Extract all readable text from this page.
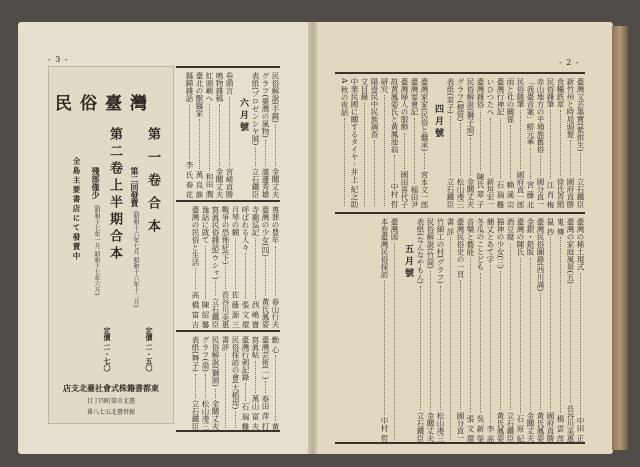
- 3 -
民俗臺灣
第一卷合本
第二回發賣
(昭和十六年七月 昭和十六年十二月)
第二卷上半期合本
殘部僅少
(昭和十七年一月 昭和十七年六月)
全島主要書店にて發賣中
定價 二・五〇
定價 二・七〇
東都書籍株式會社臺北支店
臺北市榮町四丁目
振替臺北五七八番
民俗解說(手鏡)
金關丈夫
グラフ(臺灣の風物)
濱邊秀雄
表紙(プロゼンシヤ賊)
立石鐵臣
六月號
卷頭言
宮崎直勝
鳴物雜稿
金關丈夫
紅頭嶼へ
和田 潤
臺北の獸醫家
萬 良 龍
縣歸雜話
李 氏 春 花
喪葬の豊年
春山行夫
臺灣の少女(四)
黃氏鳳姿
寺廟巡記
西 嶋 寶
呼ばれる人々
張 文 環
月琴の糊
佐 藤 源 三
戰爭の恐怖症(下)
長谷川美惠
寫眞民俗雜話(ウシャ)
立石鐵臣
逸話に就て
陳 紹 馨
臺灣の民俗と生活
高 橋 富 吉
勤 心
黃
臺灣芸術(一)
春田 萍 打
寫眞帖
萬山 富 夫
臺灣行刺記錄
石 瑞 難
民俗採訪の會(大稻埕)
書評
民俗解說(獅頭)
金關丈夫
グラフ(扇)
松山虔三
表紙(舞子)
立石鐵臣
- 2 -
臺灣文芸墨寶(紫紺生)
立石鐵臣
新竹州と時局頭髮
國府直勝
食糧鉄章
徐氏青絹
民俗雜筆
江 肖 梅
赤山地方の平埔族舊俗
國分直一
「我臺音案」鮮元華
宮 藤 北
民俗隨筆
國府直一郎
雨と社の關係
賴 溪 宗
臺灣行神記
石 瑞 難
いひつたへ
新垣宏一
臺灣雜俗
陳氏 翠 子
民俗解說(獅子頭)
金關丈夫
グラフ(煙管)
松山虔三
表紙(窓子)
立石鐵臣
四月號
臺灣家家(民俗と繼承)
宮本文一郎
臺灣宴會記
稲田尹
臺灣婦人の服飾
國田喜代子
故黄鳳姿氏と黄鳳池翁
中村 哲
研究
陽壹民中民族調查
文目錄
中華民國に關するタイヤ
井上 紀之助
A 秋の夜話
臺灣の稀土現式
中田 正
臺灣の家庭風景(五)
長谷川美惠
鬼 傳
楊 雲 萍
鼠 抄
國府直勝
臺灣民俗圖錄(西川満)
黃氏鳳姿
金銀・鉛版
金關丈夫
臺灣の陳氏
石 原 紀
酒豆腐
立石鐵臣
猫神の少女(三)
黃氏鳳姿
簡丈とあて字
李 高
冬瓜のことども
吳 新 榮
音樂と藝能
張 文 環
臺灣民俗史の一頁
國分直一
書 評
竹細工の村(グラフ)
松山虔三
民俗解說(竹筒)
金關丈夫
表紙(なんなやもん)
立石鐵臣
五月號
臺灣図
本卷臺灣民俗採訪
中村 哲
